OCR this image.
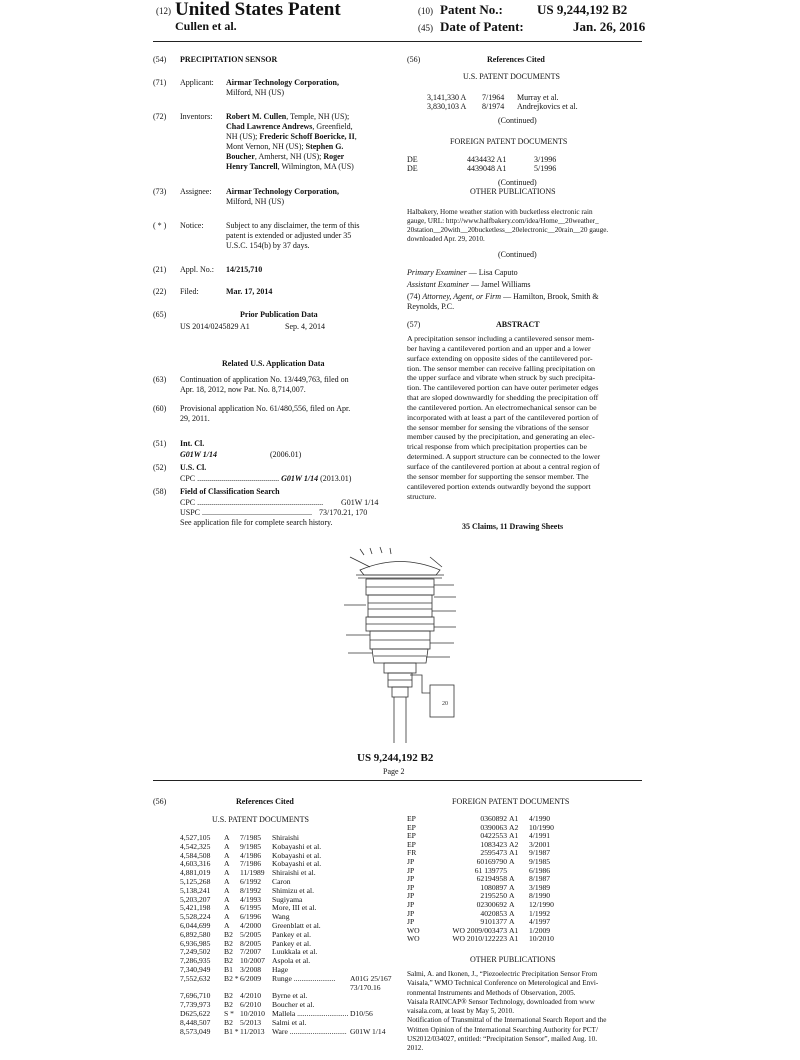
(12) United States Patent
Cullen et al.
(10) Patent No.:	US 9,244,192 B2
(45) Date of Patent:	Jan. 26, 2016
(54) PRECIPITATION SENSOR
(71) Applicant: Airmar Technology Corporation,
Milford, NH (US)
(72) Inventors: Robert M. Cullen, Temple, NH (US);
Chad Lawrence Andrews, Greenfield,
NH (US); Frederic Schoff Boericke, II,
Mont Vernon, NH (US); Stephen G.
Boucher, Amherst, NH (US); Roger
Henry Tancrell, Wilmington, MA (US)
(73) Assignee: Airmar Technology Corporation,
Milford, NH (US)
( * ) Notice:	Subject to any disclaimer, the term of this
patent is extended or adjusted under 35
U.S.C. 154(b) by 37 days.
(21) Appl. No.: 14/215,710
(22) Filed:	Mar. 17, 2014
(65)	Prior Publication Data
US 2014/0245829 A1	Sep. 4, 2014
Related U.S. Application Data
(63) Continuation of application No. 13/449,763, filed on
Apr. 18, 2012, now Pat. No. 8,714,007.
(60) Provisional application No. 61/480,556, filed on Apr.
29, 2011.
(51) Int. Cl.
G01W 1/14	(2006.01)
(52) U.S. Cl.
CPC ......................................... G01W 1/14 (2013.01)
(58) Field of Classification Search
CPC ...............................................................	G01W 1/14
USPC ....................................................... 73/170.21, 170
See application file for complete search history.
(56)	References Cited
U.S. PATENT DOCUMENTS
3,141,330 A 7/1964 Murray et al.
3,830,103 A 8/1974 Andrejkovics et al.
(Continued)
FOREIGN PATENT DOCUMENTS
DE	4434432 A1	3/1996
DE	4439048 A1	5/1996
(Continued)
OTHER PUBLICATIONS
Halbakery, Home weather station with bucketless electronic rain
gauge, URL: http://www.halfbakery.com/idea/Home__20weather_
20station__20with__20bucketless__20electronic__20rain__20 gauge.
downloaded Apr. 29, 2010.
(Continued)
Primary Examiner — Lisa Caputo
Assistant Examiner — Jamel Williams
(74) Attorney, Agent, or Firm — Hamilton, Brook, Smith &
Reynolds, P.C.
(57)	ABSTRACT
A precipitation sensor including a cantilevered sensor mem-
ber having a cantilevered portion and an upper and a lower
surface extending on opposite sides of the cantilevered por-
tion. The sensor member can receive falling precipitation on
the upper surface and vibrate when struck by such precipita-
tion. The cantilevered portion can have outer perimeter edges
that are sloped downwardly for shedding the precipitation off
the cantilevered portion. An electromechanical sensor can be
incorporated with at least a part of the cantilevered portion of
the sensor member for sensing the vibrations of the sensor
member caused by the precipitation, and generating an elec-
trical response from which precipitation properties can be
determined. A support structure can be connected to the lower
surface of the cantilevered portion at about a central region of
the sensor member for supporting the sensor member. The
cantilevered portion extends outwardly beyond the support
structure.
35 Claims, 11 Drawing Sheets
20
US 9,244,192 B2
Page 2
(56)	References Cited
U.S. PATENT DOCUMENTS
4,527,105 A 7/1985 Shiraishi
4,542,325 A 9/1985 Kobayashi et al.
4,584,508 A 4/1986 Kobayashi et al.
4,603,316 A 7/1986 Kobayashi et al.
4,881,019 A 11/1989 Shiraishi et al.
5,125,268 A 6/1992 Caron
5,138,241 A 8/1992 Shimizu et al.
5,203,207 A 4/1993 Sugiyama
5,421,198 A 6/1995 More, III et al.
5,528,224 A 6/1996 Wang
6,044,699 A 4/2000 Greenblatt et al.
6,892,580 B2 5/2005 Pankey et al.
6,936,985 B2 8/2005 Pankey et al.
7,249,502 B2 7/2007 Luukkala et al.
7,286,935 B2 10/2007 Aspola et al.
7,340,949 B1 3/2008 Hage
7,552,632 B2 * 6/2009 Runge ...................... A01G 25/167
73/170.16
7,696,710 B2 4/2010 Byrne et al.
7,739,973 B2 6/2010 Boucher et al.
D625,622 S * 10/2010 Mallela ........................... D10/56
8,448,507 B2 5/2013 Salmi et al.
8,573,049 B1 * 11/2013 Ware .............................. G01W 1/14
FOREIGN PATENT DOCUMENTS
EP	0360892 A1 4/1990
EP	0390063 A2 10/1990
EP	0422553 A1 4/1991
EP	1083423 A2 3/2001
FR	2595473 A1 9/1987
JP	60169790 A 9/1985
JP	61 139775	6/1986
JP	62194958 A 8/1987
JP	1080897 A 3/1989
JP	2195250 A 8/1990
JP	02300692 A 12/1990
JP	4020853 A 1/1992
JP	9101377 A 4/1997
WO	WO 2009/003473 A1 1/2009
WO	WO 2010/122223 A1 10/2010
OTHER PUBLICATIONS
Salmi, A. and Ikonen, J., “Piezoelectric Precipitation Sensor From
Vaisala,” WMO Technical Conference on Meterological and Envi-
ronmental Instruments and Methods of Observation, 2005.
Vaisala RAINCAP® Sensor Technology, downloaded from www
vaisala.com, at least by May 5, 2010.
Notification of Transmittal of the International Search Report and the
Written Opinion of the International Searching Authority for PCT/
US2012/034027, entitled: “Precipitation Sensor”, mailed Aug. 10.
2012.
